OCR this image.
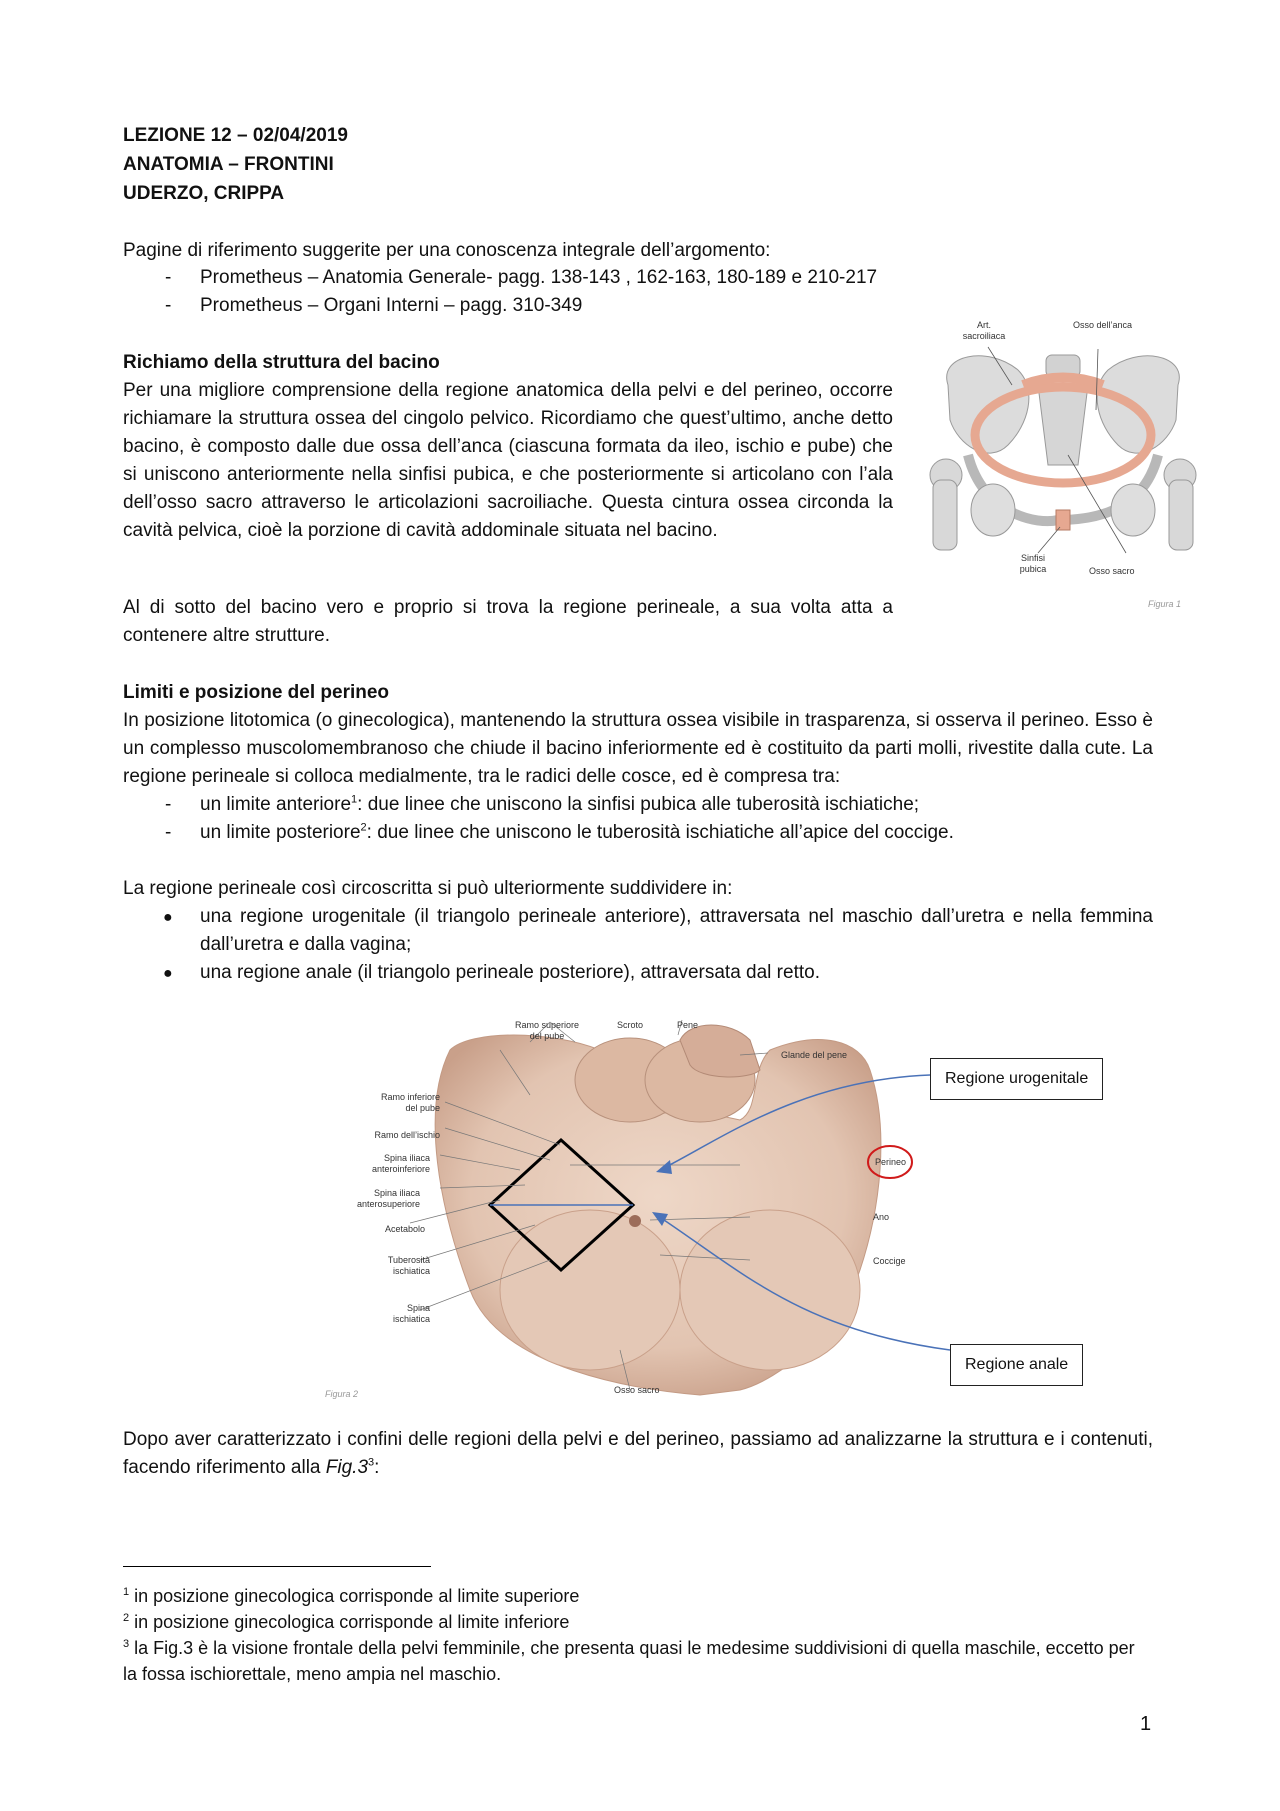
LEZIONE 12 – 02/04/2019
ANATOMIA – FRONTINI
UDERZO, CRIPPA
Pagine di riferimento suggerite per una conoscenza integrale dell’argomento:
- Prometheus – Anatomia Generale- pagg. 138-143 , 162-163, 180-189 e 210-217
- Prometheus – Organi Interni – pagg. 310-349
Richiamo della struttura del bacino
Per una migliore comprensione della regione anatomica della pelvi e del perineo, occorre richiamare la struttura ossea del cingolo pelvico. Ricordiamo che quest’ultimo, anche detto bacino, è composto dalle due ossa dell’anca (ciascuna formata da ileo, ischio e pube) che si uniscono anteriormente nella sinfisi pubica, e che posteriormente si articolano con l’ala dell’osso sacro attraverso le articolazioni sacroiliache. Questa cintura ossea circonda la cavità pelvica, cioè la porzione di cavità addominale situata nel bacino.
Al di sotto del bacino vero e proprio si trova la regione perineale, a sua volta atta a contenere altre strutture.
Art.
sacroiliaca
Osso dell’anca
Sinfisi
pubica	Osso sacro
Figura 1
Limiti e posizione del perineo
In posizione litotomica (o ginecologica), mantenendo la struttura ossea visibile in trasparenza, si osserva il perineo. Esso è un complesso muscolomembranoso che chiude il bacino inferiormente ed è costituito da parti molli, rivestite dalla cute. La regione perineale si colloca medialmente, tra le radici delle cosce, ed è compresa tra:
- un limite anteriore$^1$: due linee che uniscono la sinfisi pubica alle tuberosità ischiatiche;
- un limite posteriore$^2$: due linee che uniscono le tuberosità ischiatiche all’apice del coccige.
La regione perineale così circoscritta si può ulteriormente suddividere in:
● una regione urogenitale (il triangolo perineale anteriore), attraversata nel maschio dall’uretra e nella femmina dall’uretra e dalla vagina;
● una regione anale (il triangolo perineale posteriore), attraversata dal retto.
Ramo superiore
del pube
Scroto	Pene
Glande del pene
Ramo inferiore
del pube
Ramo dell’ischio
Spina iliaca
anteroinferiore
Spina iliaca
anterosuperiore
Acetabolo
Tuberosità
ischiatica
Spina
ischiatica
Perineo
Ano
Coccige
Osso sacro
Figura 2
Regione urogenitale
Regione anale
Dopo aver caratterizzato i confini delle regioni della pelvi e del perineo, passiamo ad analizzarne la struttura e i contenuti, facendo riferimento alla $Fig.3^3$:
$^1$ in posizione ginecologica corrisponde al limite superiore
$^2$ in posizione ginecologica corrisponde al limite inferiore
$^3$ la Fig.3 è la visione frontale della pelvi femminile, che presenta quasi le medesime suddivisioni di quella maschile, eccetto per la fossa ischiorettale, meno ampia nel maschio.
1
